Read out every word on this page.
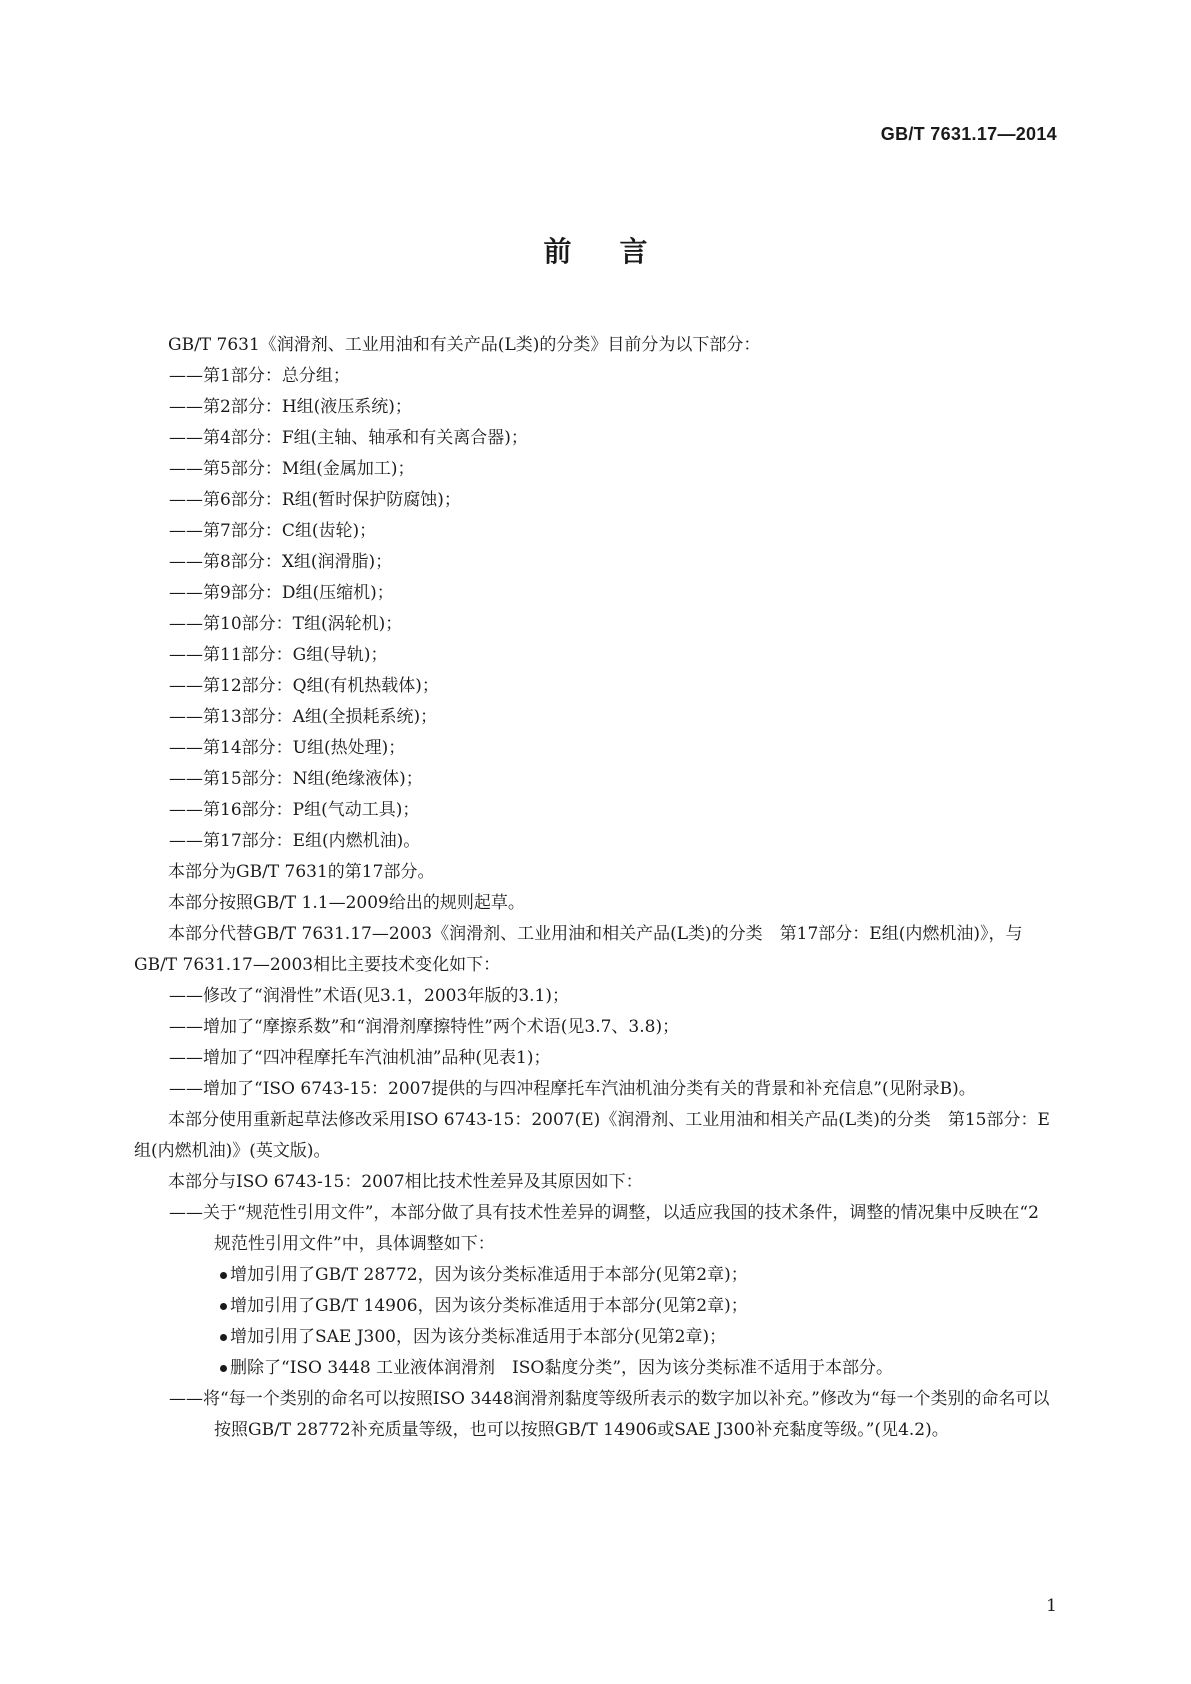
GB/T 7631.17—2014
前言

GB/T 7631《润滑剂、工业用油和有关产品(L类)的分类》目前分为以下部分：

——第1部分：总分组；

——第2部分：H组(液压系统)；

——第4部分：F组(主轴、轴承和有关离合器)；

——第5部分：M组(金属加工)；

——第6部分：R组(暂时保护防腐蚀)；

——第7部分：C组(齿轮)；

——第8部分：X组(润滑脂)；

——第9部分：D组(压缩机)；

——第10部分：T组(涡轮机)；

——第11部分：G组(导轨)；

——第12部分：Q组(有机热载体)；

——第13部分：A组(全损耗系统)；

——第14部分：U组(热处理)；

——第15部分：N组(绝缘液体)；

——第16部分：P组(气动工具)；

——第17部分：E组(内燃机油)。

本部分为GB/T 7631的第17部分。

本部分按照GB/T 1.1—2009给出的规则起草。

本部分代替GB/T 7631.17—2003《润滑剂、工业用油和相关产品(L类)的分类　第17部分：E组(内燃机油)》，与GB/T 7631.17—2003相比主要技术变化如下：

——修改了“润滑性”术语(见3.1，2003年版的3.1)；

——增加了“摩擦系数”和“润滑剂摩擦特性”两个术语(见3.7、3.8)；

——增加了“四冲程摩托车汽油机油”品种(见表1)；

——增加了“ISO 6743-15：2007提供的与四冲程摩托车汽油机油分类有关的背景和补充信息”(见附录B)。

本部分使用重新起草法修改采用ISO 6743-15：2007(E)《润滑剂、工业用油和相关产品(L类)的分类　第15部分：E组(内燃机油)》(英文版)。

本部分与ISO 6743-15：2007相比技术性差异及其原因如下：

——关于“规范性引用文件”，本部分做了具有技术性差异的调整，以适应我国的技术条件，调整的情况集中反映在“2　规范性引用文件”中，具体调整如下：

增加引用了GB/T 28772，因为该分类标准适用于本部分(见第2章)；

增加引用了GB/T 14906，因为该分类标准适用于本部分(见第2章)；

增加引用了SAE J300，因为该分类标准适用于本部分(见第2章)；

删除了“ISO 3448 工业液体润滑剂　ISO黏度分类”，因为该分类标准不适用于本部分。

——将“每一个类别的命名可以按照ISO 3448润滑剂黏度等级所表示的数字加以补充。”修改为“每一个类别的命名可以按照GB/T 28772补充质量等级，也可以按照GB/T 14906或SAE J300补充黏度等级。”(见4.2)。

1
